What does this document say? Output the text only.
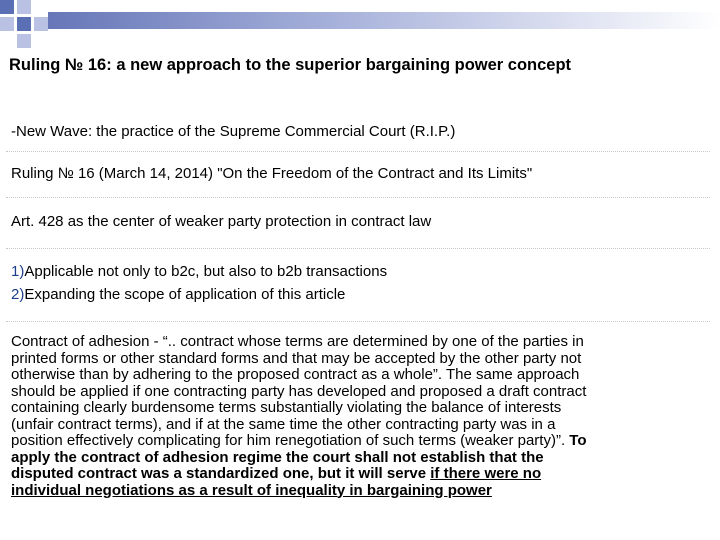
Ruling № 16: a new approach to the superior bargaining power concept
-New Wave: the practice of the Supreme Commercial Court (R.I.P.)
Ruling № 16 (March 14, 2014) "On the Freedom of the Contract and Its Limits"
Art. 428 as the center of weaker party protection in contract law
1)Applicable not only to b2c, but also to b2b transactions
2)Expanding the scope of application of this article
Contract of adhesion - “.. contract whose terms are determined by one of the parties in
printed forms or other standard forms and that may be accepted by the other party not
otherwise than by adhering to the proposed contract as a whole”. The same approach
should be applied if one contracting party has developed and proposed a draft contract
containing clearly burdensome terms substantially violating the balance of interests
(unfair contract terms), and if at the same time the other contracting party was in a
position effectively complicating for him renegotiation of such terms (weaker party)”. To
apply the contract of adhesion regime the court shall not establish that the
disputed contract was a standardized one, but it will serve if there were no
individual negotiations as a result of inequality in bargaining power
